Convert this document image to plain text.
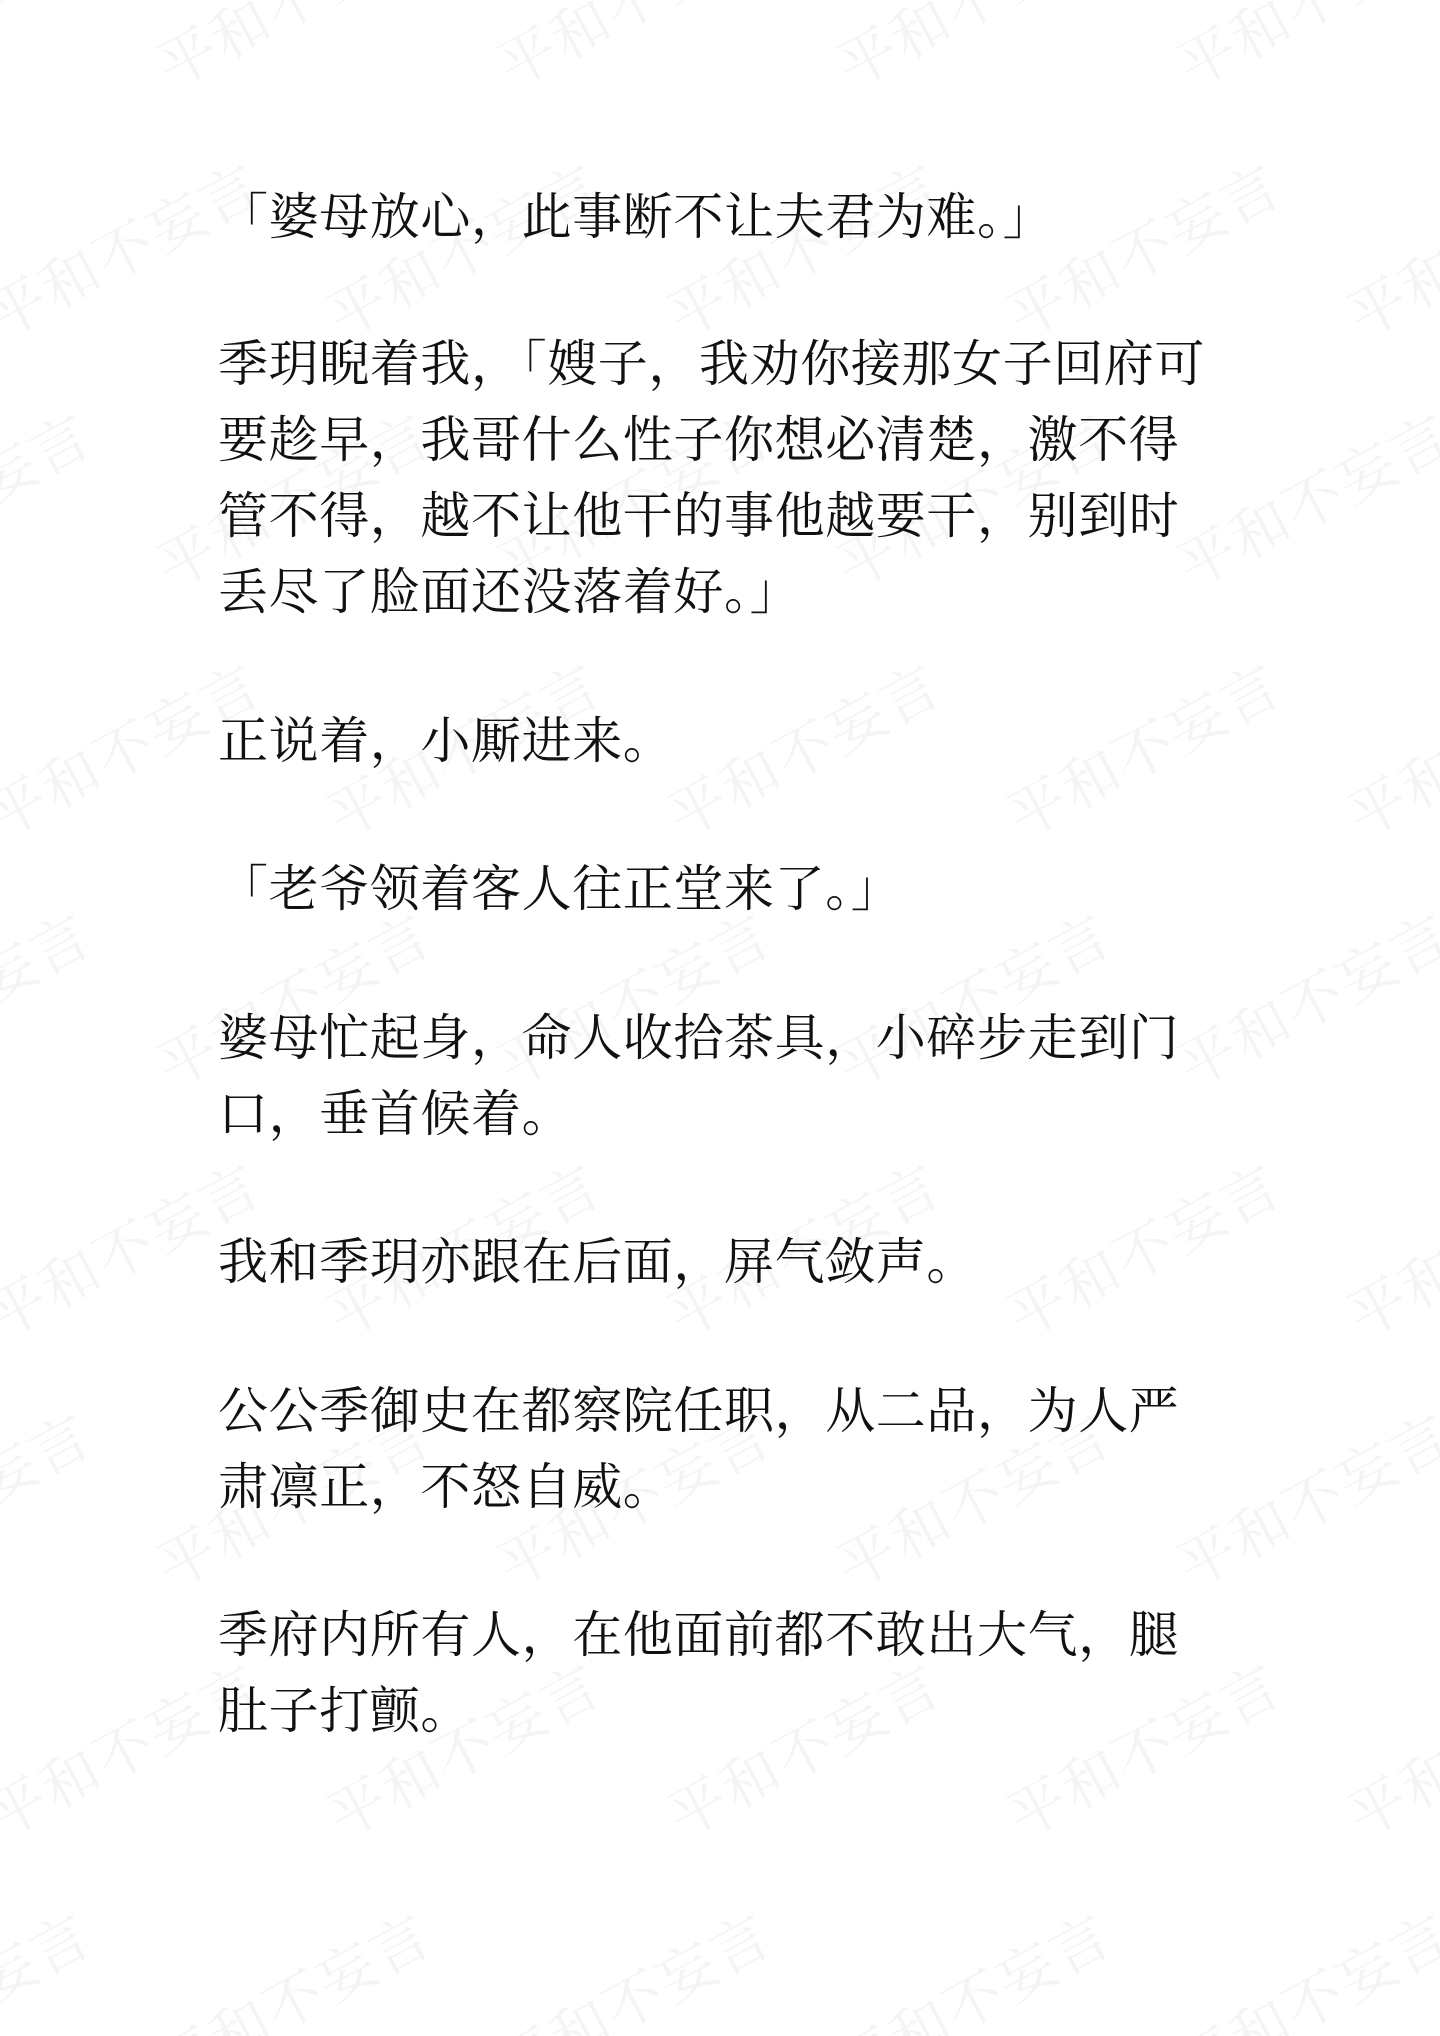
「婆母放心，此事断不让夫君为难。」

季玥睨着我，「嫂子，我劝你接那女子回府可

要趁早，我哥什么性子你想必清楚，激不得

管不得，越不让他干的事他越要干，别到时

丢尽了脸面还没落着好。」

正说着，小厮进来。

「老爷领着客人往正堂来了。」

婆母忙起身，命人收拾茶具，小碎步走到门

口，垂首候着。

我和季玥亦跟在后面，屏气敛声。

公公季御史在都察院任职，从二品，为人严

肃凛正，不怒自威。

季府内所有人，在他面前都不敢出大气，腿

肚子打颤。
